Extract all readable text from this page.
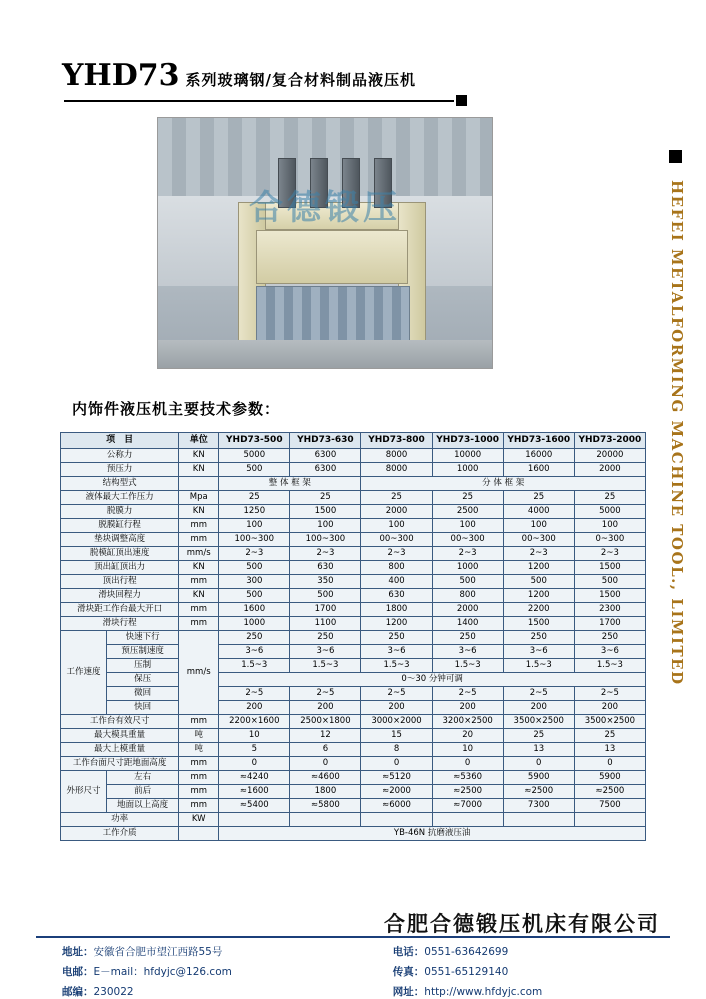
YHD73 系列玻璃钢/复合材料制品液压机
合德锻压	HEFEI METALFORMING MACHINE TOOL., LIMITED
内饰件液压机主要技术参数：
项　目		单位	YHD73-500	YHD73-630	YHD73-800	YHD73-1000	YHD73-1600	YHD73-2000
公称力		KN	5000	6300	8000	10000	16000	20000
预压力		KN	500	6300	8000	1000	1600	2000
结构型式			整 体 框 架		分 体 框 架			
液体最大工作压力		Mpa	25	25	25	25	25	25
脱膜力		KN	1250	1500	2000	2500	4000	5000
脱膜缸行程		mm	100	100	100	100	100	100
垫块调整高度		mm	100~300	100~300	00~300	00~300	00~300	0~300
脱模缸顶出速度		mm/s	2~3	2~3	2~3	2~3	2~3	2~3
顶出缸顶出力		KN	500	630	800	1000	1200	1500
顶出行程		mm	300	350	400	500	500	500
滑块回程力		KN	500	500	630	800	1200	1500
滑块距工作台最大开口		mm	1600	1700	1800	2000	2200	2300
滑块行程		mm	1000	1100	1200	1400	1500	1700
工作速度	快速下行	mm/s	250	250	250	250	250	250
	预压制速度		3~6	3~6	3~6	3~6	3~6	3~6
	压制		1.5~3	1.5~3	1.5~3	1.5~3	1.5~3	1.5~3
	保压		0～30 分钟可调					
	微回		2~5	2~5	2~5	2~5	2~5	2~5
	快回		200	200	200	200	200	200
工作台有效尺寸		mm	2200×1600	2500×1800	3000×2000	3200×2500	3500×2500	3500×2500
最大模具重量		吨	10	12	15	20	25	25
最大上模重量		吨	5	6	8	10	13	13
工作台面尺寸距地面高度		mm	0	0	0	0	0	0
外形尺寸	左右	mm	≈4240	≈4600	≈5120	≈5360	5900	5900
	前后	mm	≈1600	1800	≈2000	≈2500	≈2500	≈2500
	地面以上高度	mm	≈5400	≈5800	≈6000	≈7000	7300	7500
功率		KW						
工作介质			YB-46N 抗磨液压油					
合肥合德锻压机床有限公司
地址：安徽省合肥市望江西路55号	电话：0551-63642699
电邮：E－mail：hfdyjc@126.com	传真：0551-65129140
邮编：230022	网址：http://www.hfdyjc.com
